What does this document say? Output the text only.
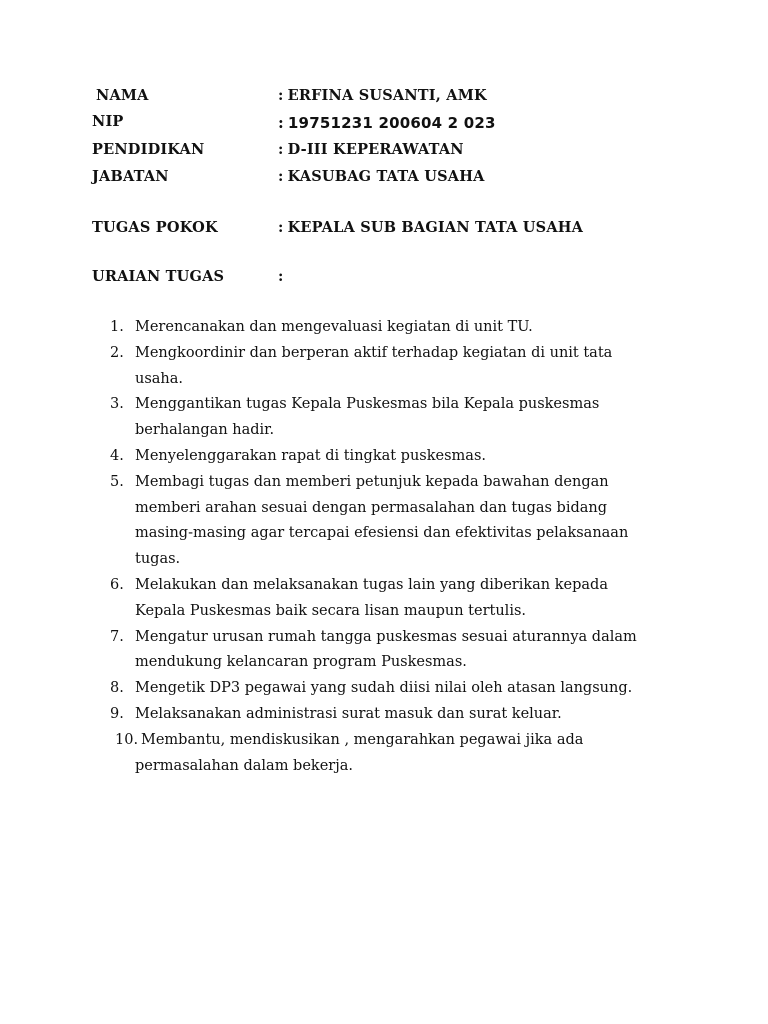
NAMA	: ERFINA SUSANTI, AMK
NIP	: 19751231 200604 2 023
PENDIDIKAN	: D-III KEPERAWATAN
JABATAN	: KASUBAG TATA USAHA
TUGAS POKOK	: KEPALA SUB BAGIAN TATA USAHA
URAIAN TUGAS	:
1. Merencanakan dan mengevaluasi kegiatan di unit TU.
2. Mengkoordinir dan berperan aktif terhadap kegiatan di unit tata usaha.
3. Menggantikan tugas Kepala Puskesmas bila Kepala puskesmas berhalangan hadir.
4. Menyelenggarakan rapat di tingkat puskesmas.
5. Membagi tugas dan memberi petunjuk kepada bawahan dengan memberi arahan sesuai dengan permasalahan dan tugas bidang masing-masing agar tercapai efesiensi dan efektivitas pelaksanaan tugas.
6. Melakukan dan melaksanakan tugas lain yang diberikan kepada Kepala Puskesmas baik secara lisan maupun tertulis.
7. Mengatur urusan rumah tangga puskesmas sesuai aturannya dalam mendukung kelancaran program Puskesmas.
8. Mengetik DP3 pegawai yang sudah diisi nilai oleh atasan langsung.
9. Melaksanakan administrasi surat masuk dan surat keluar.
10. Membantu, mendiskusikan , mengarahkan pegawai jika ada permasalahan dalam bekerja.
